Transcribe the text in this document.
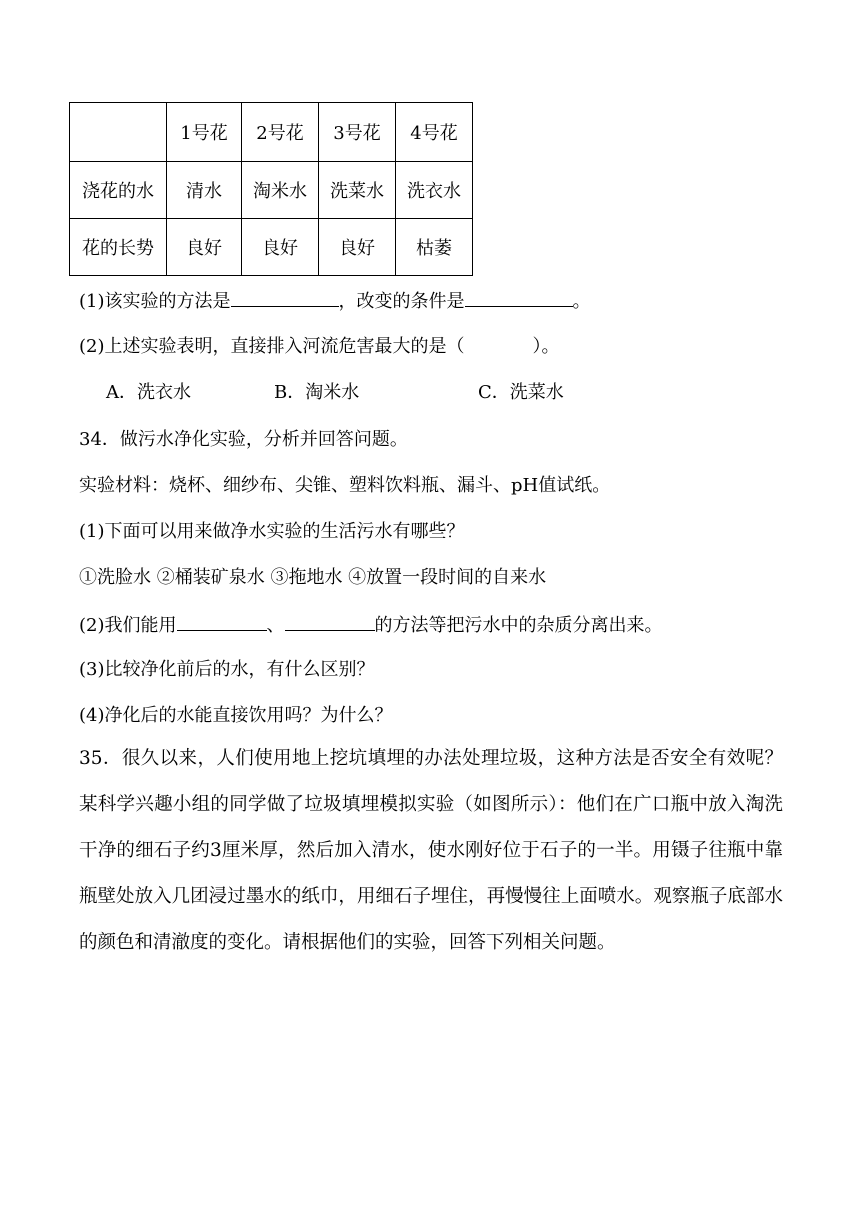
	1号花	2号花	3号花	4号花
浇花的水	清水	淘米水	洗菜水	洗衣水
花的长势	良好	良好	良好	枯萎
(1)该实验的方法是	，改变的条件是	。
(2)上述实验表明，直接排入河流危害最大的是（	）。
A．洗衣水	B．淘米水	C．洗菜水
34．做污水净化实验，分析并回答问题。
实验材料：烧杯、细纱布、尖锥、塑料饮料瓶、漏斗、pH值试纸。
(1)下面可以用来做净水实验的生活污水有哪些？
①洗脸水 ②桶装矿泉水 ③拖地水 ④放置一段时间的自来水
(2)我们能用	、	的方法等把污水中的杂质分离出来。
(3)比较净化前后的水，有什么区别？
(4)净化后的水能直接饮用吗？为什么？
35．很久以来，人们使用地上挖坑填埋的办法处理垃圾，这种方法是否安全有效呢？某科学兴趣小组的同学做了垃圾填埋模拟实验（如图所示）：他们在广口瓶中放入淘洗干净的细石子约3厘米厚，然后加入清水，使水刚好位于石子的一半。用镊子往瓶中靠瓶壁处放入几团浸过墨水的纸巾，用细石子埋住，再慢慢往上面喷水。观察瓶子底部水的颜色和清澈度的变化。请根据他们的实验，回答下列相关问题。
